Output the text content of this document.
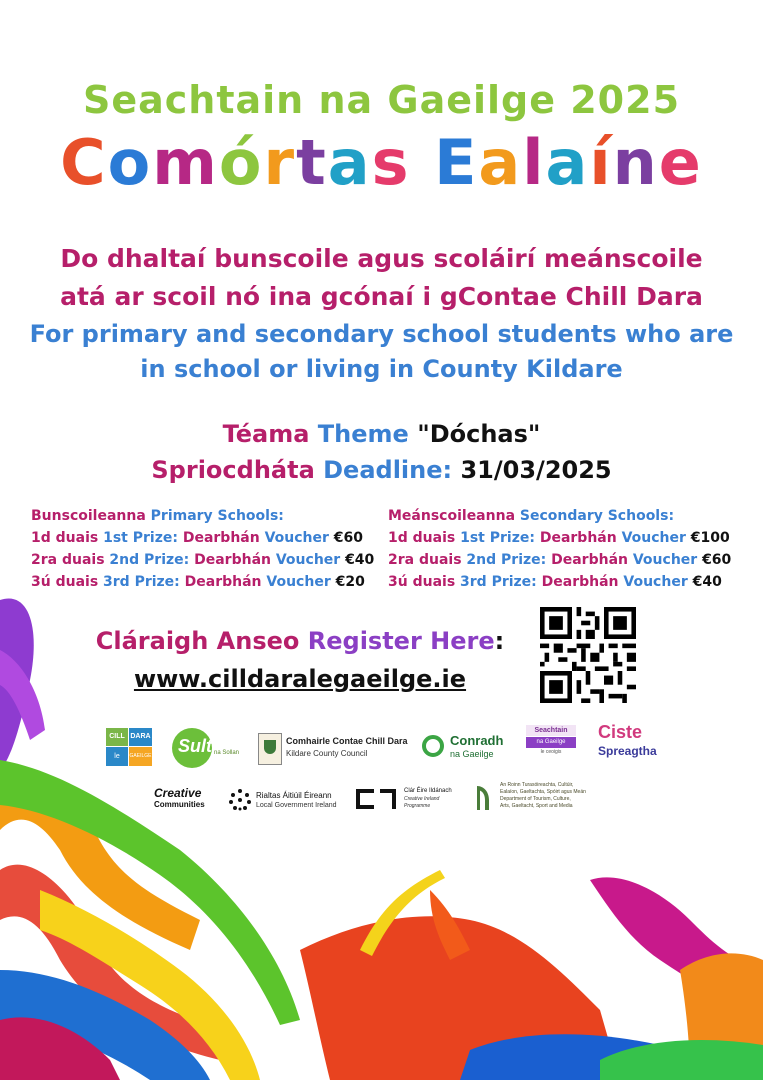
Seachtain na Gaeilge 2025
Comórtas Ealaíne
Do dhaltaí bunscoile agus scoláirí meánscoile
atá ar scoil nó ina gcónaí i gContae Chill Dara
For primary and secondary school students who are
in school or living in County Kildare
Téama Theme "Dóchas"
Spriocdháta Deadline: 31/03/2025
Bunscoileanna Primary Schools:
1d duais 1st Prize: Dearbhán Voucher €60
2ra duais 2nd Prize: Dearbhán Voucher €40
3ú duais 3rd Prize: Dearbhán Voucher €20
Meánscoileanna Secondary Schools:
1d duais 1st Prize: Dearbhán Voucher €100
2ra duais 2nd Prize: Dearbhán Voucher €60
3ú duais 3rd Prize: Dearbhán Voucher €40
Cláraigh Anseo Register Here:
www.cilldaralegaeilge.ie
CILL DARA
le	GAEILGE Sult na Sollan
Comhairle Contae Chill Dara
Kildare County Council
Conradh
na Gaeilge
Seachtain
na Gaeilge
le ceoigis
Ciste
Spreagtha
Creative
Communities
Rialtas Áitiúil Éireann
Local Government Ireland
Clár Éire Ildánach
Creative Ireland
Programme
An Roinn Turasóireachta, Cultúir,
Ealaíon, Gaeltachta, Spóirt agus Meán
Department of Tourism, Culture,
Arts, Gaeltacht, Sport and Media
